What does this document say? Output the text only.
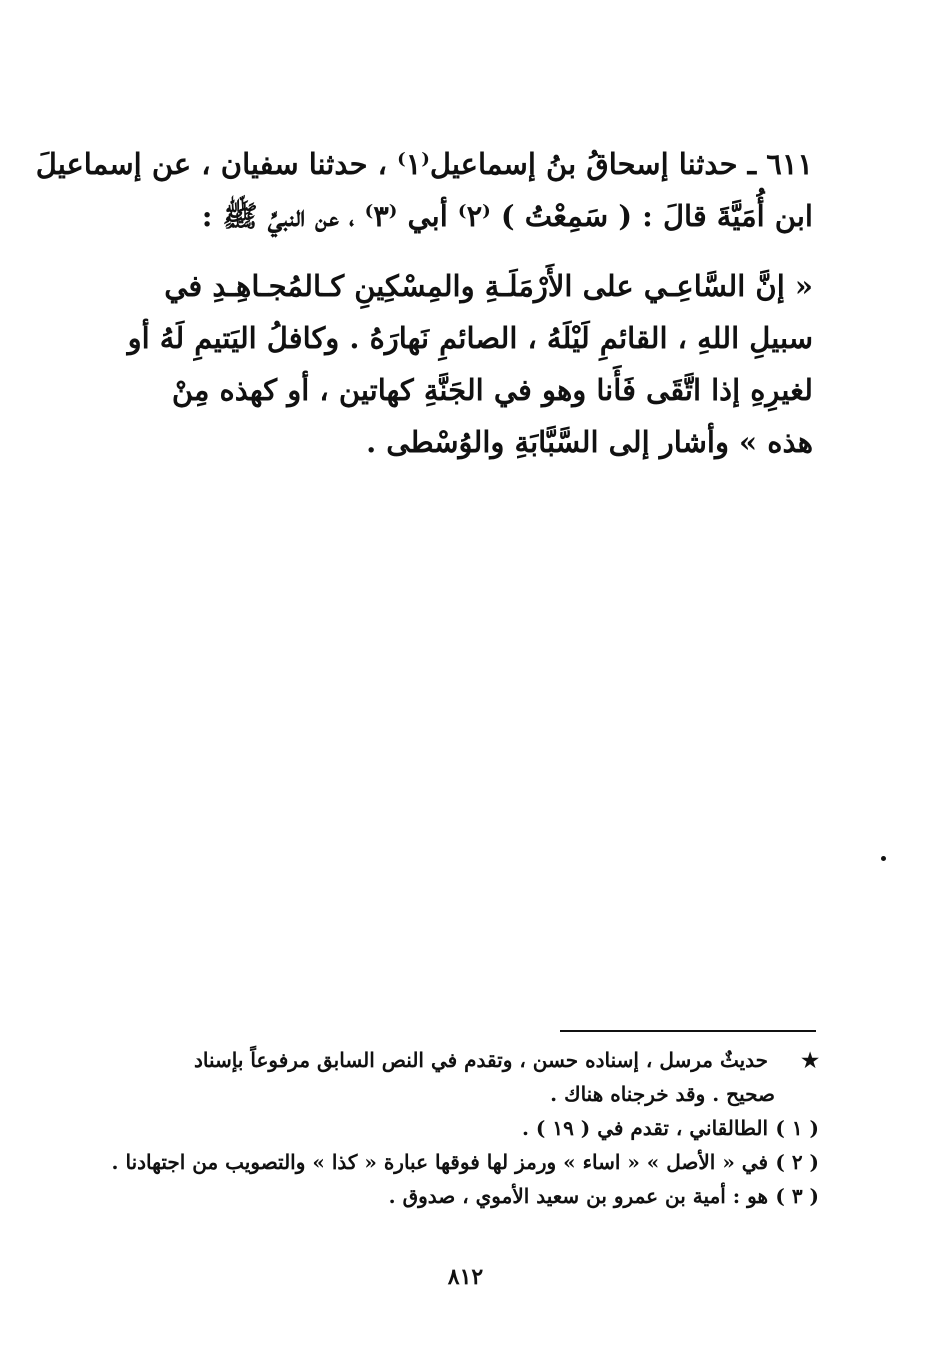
٦١١ ـ حدثنا إسحاقُ بنُ إسماعيل⁽١⁾ ، حدثنا سفيان ، عن إسماعيلَ
ابن أُمَيَّةَ قالَ : ( سَمِعْتُ ) ⁽٢⁾ أبي ⁽٣⁾ ، عن النبيِّ ﷺ :
« إنَّ السَّاعِـي على الأَرْمَلَـةِ والمِسْكِينِ كـالمُجـاهِـدِ في
سبيلِ اللهِ ، القائمِ لَيْلَهُ ، الصائمِ نَهارَهُ . وكافلُ اليَتيمِ لَهُ أو
لغيرِهِ إذا اتَّقَى فَأَنا وهو في الجَنَّةِ كهاتين ، أو كهذه مِنْ
هذه » وأشار إلى السَّبَّابَةِ والوُسْطى .
★ حديثٌ مرسل ، إسناده حسن ، وتقدم في النص السابق مرفوعاً بإسناد
صحيح . وقد خرجناه هناك .
( ١ ) الطالقاني ، تقدم في ( ١٩ ) .
( ٢ ) في « الأصل » « اساء » ورمز لها فوقها عبارة « كذا » والتصويب من اجتهادنا .
( ٣ ) هو : أمية بن عمرو بن سعيد الأموي ، صدوق .
٨١٢
